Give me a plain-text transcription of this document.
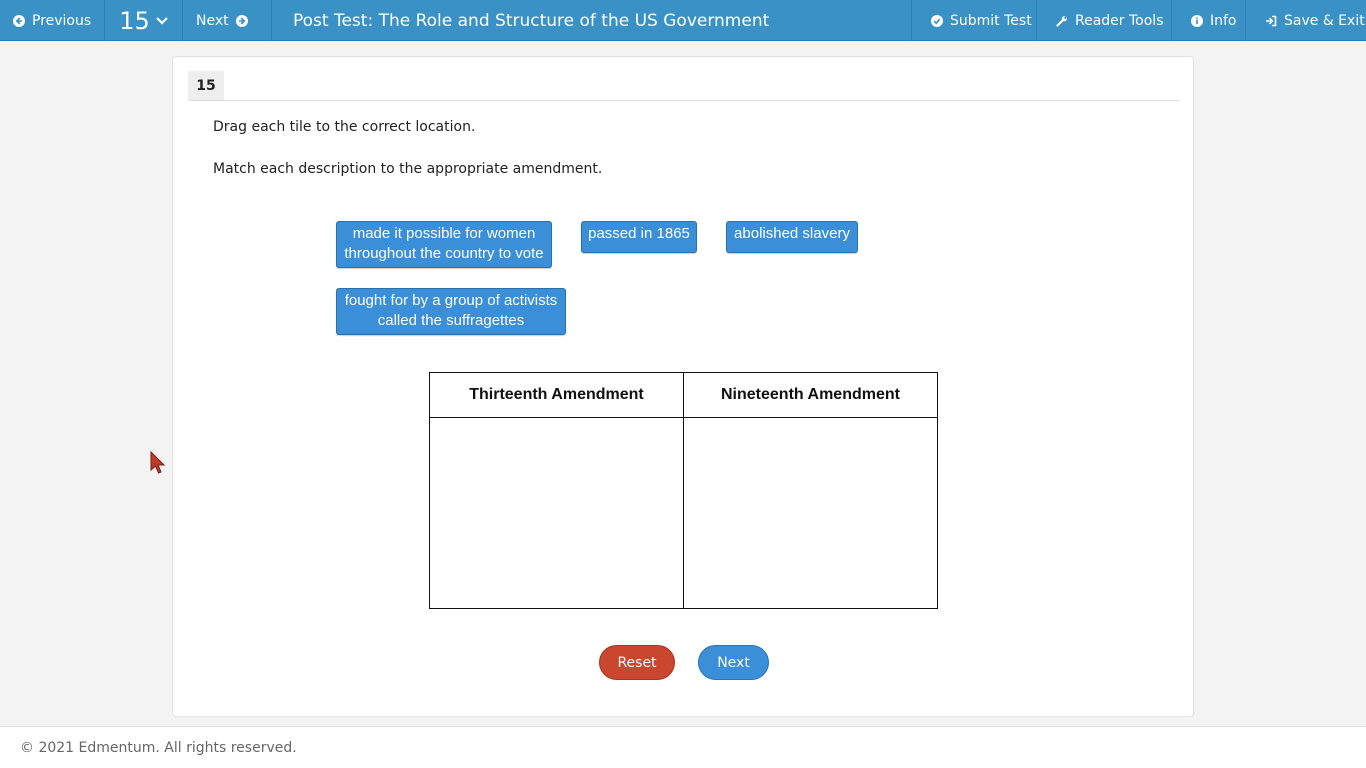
Previous 15	Next	Post Test: The Role and Structure of the US Government	Submit Test	Reader Tools	Info	Save & Exit
15
Drag each tile to the correct location.
Match each description to the appropriate amendment.
made it possible for women throughout the country to vote
passed in 1865	abolished slavery
fought for by a group of activists called the suffragettes
Thirteenth Amendment	Nineteenth Amendment
Reset	Next
© 2021 Edmentum. All rights reserved.
